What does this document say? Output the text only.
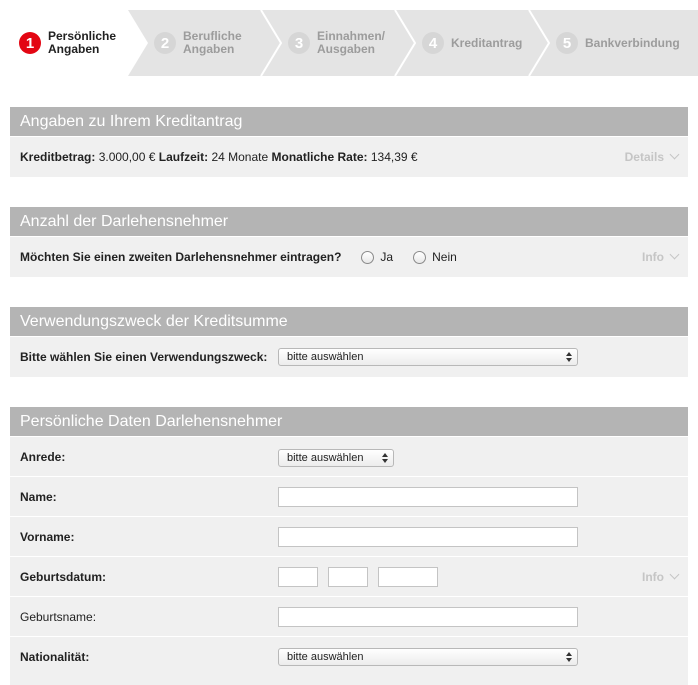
1	Persönliche
Angaben	2	Berufliche
Angaben	3	Einnahmen/
Ausgaben	4	Kreditantrag	5	Bankverbindung
Angaben zu Ihrem Kreditantrag
Kreditbetrag:
3.000,00 €
Laufzeit:
24 Monate
Monatliche Rate:
134,39 €	Details
Anzahl der Darlehensnehmer
Möchten Sie einen zweiten Darlehensnehmer eintragen?	Ja	Nein	Info
Verwendungszweck der Kreditsumme
Bitte wählen Sie einen Verwendungszweck:	bitte auswählen
Persönliche Daten Darlehensnehmer
Anrede:	bitte auswählen
Name:
Vorname:
Geburtsdatum:	Info
Geburtsname:
Nationalität:	bitte auswählen
